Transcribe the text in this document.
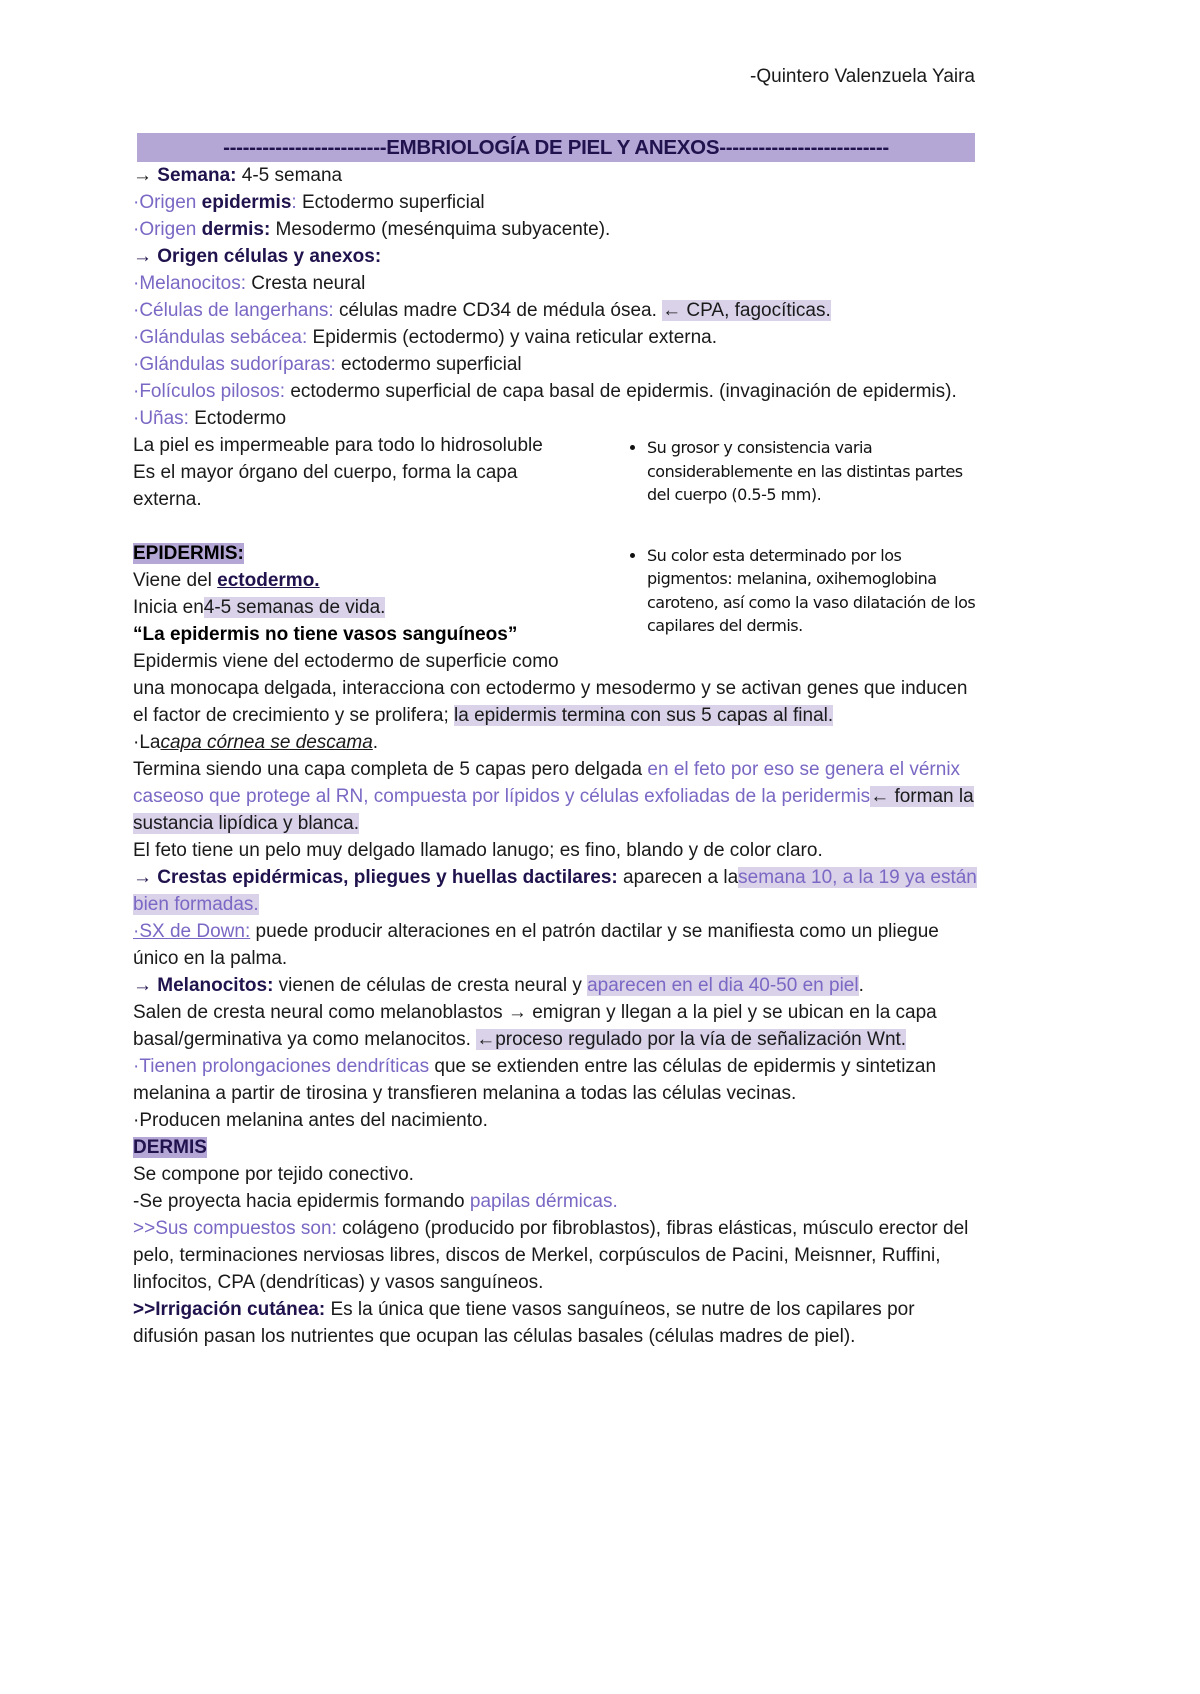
-Quintero Valenzuela Yaira
-------------------------EMBRIOLOGÍA DE PIEL Y ANEXOS--------------------------

→ Semana: 4-5 semana

·Origen epidermis: Ectodermo superficial

·Origen dermis: Mesodermo (mesénquima subyacente).

→ Origen células y anexos:

·Melanocitos: Cresta neural

·Células de langerhans: células madre CD34 de médula ósea. ← CPA, fagocíticas.

·Glándulas sebácea: Epidermis (ectodermo) y vaina reticular externa.

·Glándulas sudoríparas: ectodermo superficial

·Folículos pilosos: ectodermo superficial de capa basal de epidermis. (invaginación de epidermis).

·Uñas: Ectodermo

• Su grosor y consistencia varia considerablemente en las distintas partes del cuerpo (0.5-5 mm).
• Su color esta determinado por los pigmentos: melanina, oxihemoglobina caroteno, así como la vaso dilatación de los capilares del dermis.

La piel es impermeable para todo lo hidrosoluble

Es el mayor órgano del cuerpo, forma la capa externa.

EPIDERMIS:

Viene del ectodermo.

Inicia en4-5 semanas de vida.

“La epidermis no tiene vasos sanguíneos”

Epidermis viene del ectodermo de superficie como una monocapa delgada, interacciona con ectodermo y mesodermo y se activan genes que inducen el factor de crecimiento y se prolifera; la epidermis termina con sus 5 capas al final.

·Lacapa córnea se descama.

Termina siendo una capa completa de 5 capas pero delgada en el feto por eso se genera el vérnix caseoso que protege al RN, compuesta por lípidos y células exfoliadas de la peridermis← forman la sustancia lipídica y blanca.

El feto tiene un pelo muy delgado llamado lanugo; es fino, blando y de color claro.

→ Crestas epidérmicas, pliegues y huellas dactilares: aparecen a lasemana 10, a la 19 ya están bien formadas.

·SX de Down: puede producir alteraciones en el patrón dactilar y se manifiesta como un pliegue único en la palma.

→ Melanocitos: vienen de células de cresta neural y aparecen en el dia 40-50 en piel.

Salen de cresta neural como melanoblastos → emigran y llegan a la piel y se ubican en la capa basal/germinativa ya como melanocitos. ←proceso regulado por la vía de señalización Wnt.

·Tienen prolongaciones dendríticas que se extienden entre las células de epidermis y sintetizan melanina a partir de tirosina y transfieren melanina a todas las células vecinas.

·Producen melanina antes del nacimiento.

DERMIS

Se compone por tejido conectivo.

-Se proyecta hacia epidermis formando papilas dérmicas.

>>Sus compuestos son: colágeno (producido por fibroblastos), fibras elásticas, músculo erector del pelo, terminaciones nerviosas libres, discos de Merkel, corpúsculos de Pacini, Meisnner, Ruffini, linfocitos, CPA (dendríticas) y vasos sanguíneos.

>>Irrigación cutánea: Es la única que tiene vasos sanguíneos, se nutre de los capilares por difusión pasan los nutrientes que ocupan las células basales (células madres de piel).
